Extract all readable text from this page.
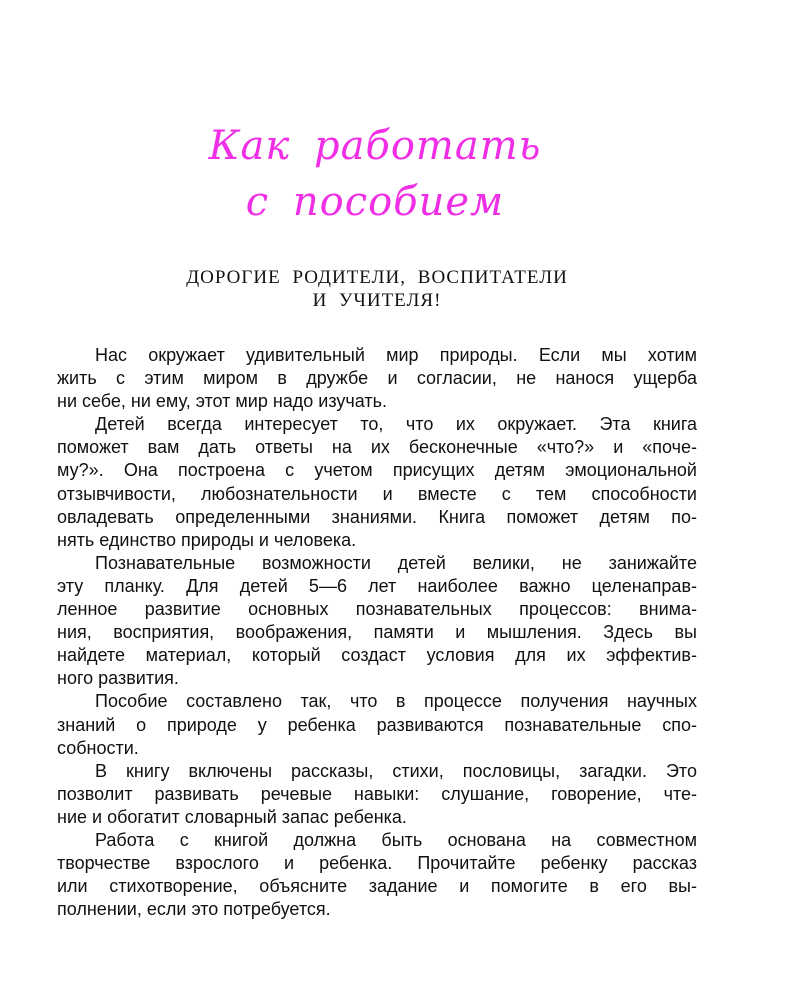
Как работать
с пособием
ДОРОГИЕ РОДИТЕЛИ, ВОСПИТАТЕЛИ
И УЧИТЕЛЯ!
Нас окружает удивительный мир природы. Если мы хотим
жить с этим миром в дружбе и согласии, не нанося ущерба
ни себе, ни ему, этот мир надо изучать.
Детей всегда интересует то, что их окружает. Эта книга
поможет вам дать ответы на их бесконечные «что?» и «поче-
му?». Она построена с учетом присущих детям эмоциональной
отзывчивости, любознательности и вместе с тем способности
овладевать определенными знаниями. Книга поможет детям по-
нять единство природы и человека.
Познавательные возможности детей велики, не занижайте
эту планку. Для детей 5—6 лет наиболее важно целенаправ-
ленное развитие основных познавательных процессов: внима-
ния, восприятия, воображения, памяти и мышления. Здесь вы
найдете материал, который создаст условия для их эффектив-
ного развития.
Пособие составлено так, что в процессе получения научных
знаний о природе у ребенка развиваются познавательные спо-
собности.
В книгу включены рассказы, стихи, пословицы, загадки. Это
позволит развивать речевые навыки: слушание, говорение, чте-
ние и обогатит словарный запас ребенка.
Работа с книгой должна быть основана на совместном
творчестве взрослого и ребенка. Прочитайте ребенку рассказ
или стихотворение, объясните задание и помогите в его вы-
полнении, если это потребуется.
